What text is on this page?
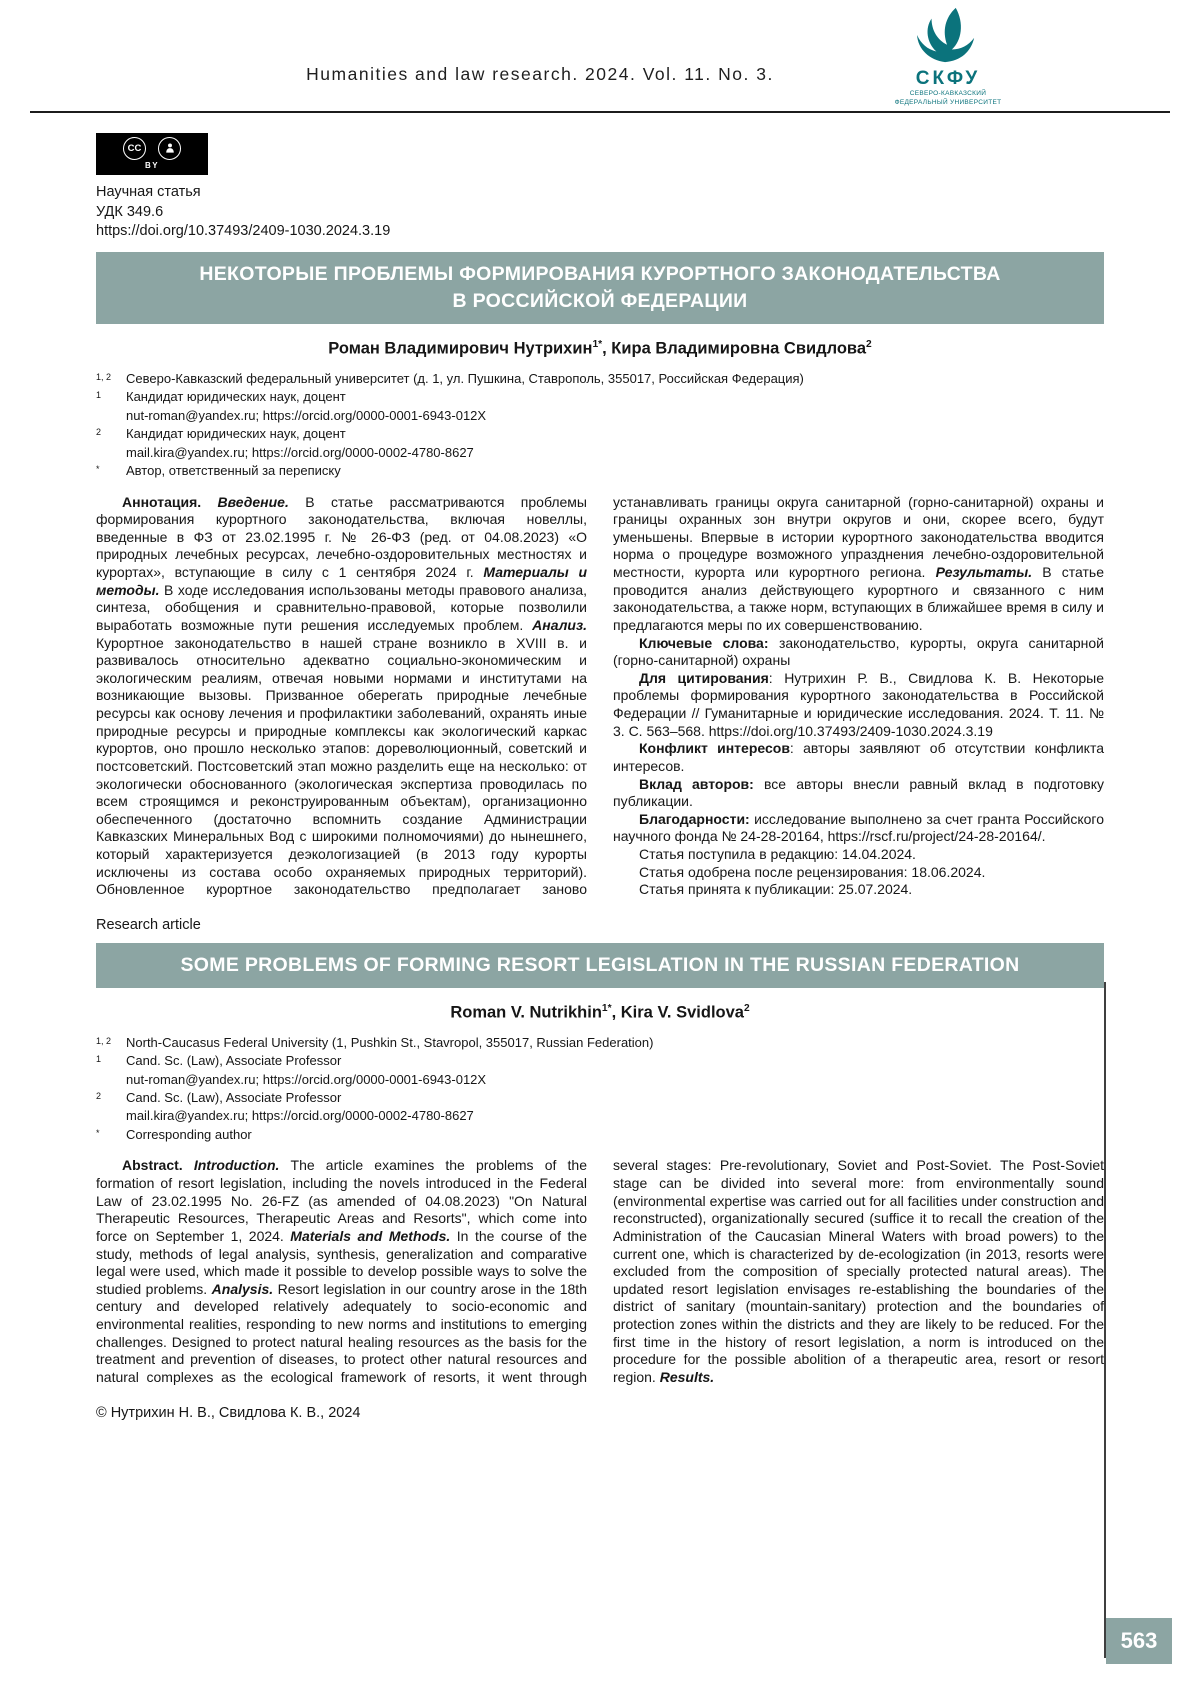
Humanities and law research. 2024. Vol. 11. No. 3.	СКФУ
СЕВЕРО-КАВКАЗСКИЙ
ФЕДЕРАЛЬНЫЙ УНИВЕРСИТЕТ
CC
BY
Научная статья
УДК 349.6
https://doi.org/10.37493/2409-1030.2024.3.19
НЕКОТОРЫЕ ПРОБЛЕМЫ ФОРМИРОВАНИЯ КУРОРТНОГО ЗАКОНОДАТЕЛЬСТВА В РОССИЙСКОЙ ФЕДЕРАЦИИ
Роман Владимирович Нутрихин$^{1*}$, Кира Владимировна Свидлова$^2$
1, 2	Северо-Кавказский федеральный университет (д. 1, ул. Пушкина, Ставрополь, 355017, Российская Федерация)
1	Кандидат юридических наук, доцент
nut-roman@yandex.ru; https://orcid.org/0000-0001-6943-012X
2	Кандидат юридических наук, доцент
mail.kira@yandex.ru; https://orcid.org/0000-0002-4780-8627
*	Автор, ответственный за переписку

Аннотация. Введение. В статье рассматриваются проблемы формирования курортного законодательства, включая новеллы, введенные в ФЗ от 23.02.1995 г. № 26-ФЗ (ред. от 04.08.2023) «О природных лечебных ресурсах, лечебно-оздоровительных местностях и курортах», вступающие в силу с 1 сентября 2024 г. Материалы и методы. В ходе исследования использованы методы правового анализа, синтеза, обобщения и сравнительно-правовой, которые позволили выработать возможные пути решения исследуемых проблем. Анализ. Курортное законодательство в нашей стране возникло в XVIII в. и развивалось относительно адекватно социально-экономическим и экологическим реалиям, отвечая новыми нормами и институтами на возникающие вызовы. Призванное оберегать природные лечебные ресурсы как основу лечения и профилактики заболеваний, охранять иные природные ресурсы и природные комплексы как экологический каркас курортов, оно прошло несколько этапов: дореволюционный, советский и постсоветский. Постсоветский этап можно разделить еще на несколько: от экологически обоснованного (экологическая экспертиза проводилась по всем строящимся и реконструированным объектам), организационно обеспеченного (достаточно вспомнить создание Администрации Кавказских Минеральных Вод с широкими полномочиями) до нынешнего, который характеризуется деэкологизацией (в 2013 году курорты исключены из состава особо охраняемых природных территорий). Обновленное курортное законодательство предполагает заново устанавливать границы округа санитарной (горно-санитарной) охраны и границы охранных зон внутри округов и они, скорее всего, будут уменьшены. Впервые в истории курортного законодательства вводится норма о процедуре возможного упразднения лечебно-оздоровительной местности, курорта или курортного региона. Результаты. В статье проводится анализ действующего курортного и связанного с ним законодательства, а также норм, вступающих в ближайшее время в силу и предлагаются меры по их совершенствованию.

Ключевые слова: законодательство, курорты, округа санитарной (горно-санитарной) охраны

Для цитирования: Нутрихин Р. В., Свидлова К. В. Некоторые проблемы формирования курортного законодательства в Российской Федерации // Гуманитарные и юридические исследования. 2024. Т. 11. № 3. С. 563–568. https://doi.org/10.37493/2409-1030.2024.3.19

Конфликт интересов: авторы заявляют об отсутствии конфликта интересов.

Вклад авторов: все авторы внесли равный вклад в подготовку публикации.

Благодарности: исследование выполнено за счет гранта Российского научного фонда № 24-28-20164, https://rscf.ru/project/24-28-20164/.

Статья поступила в редакцию: 14.04.2024.

Статья одобрена после рецензирования: 18.06.2024.

Статья принята к публикации: 25.07.2024.

Research article
SOME PROBLEMS OF FORMING RESORT LEGISLATION IN THE RUSSIAN FEDERATION
Roman V. Nutrikhin$^{1*}$, Kira V. Svidlova$^2$
1, 2	North-Caucasus Federal University (1, Pushkin St., Stavropol, 355017, Russian Federation)
1	Cand. Sc. (Law), Associate Professor
nut-roman@yandex.ru; https://orcid.org/0000-0001-6943-012X
2	Cand. Sc. (Law), Associate Professor
mail.kira@yandex.ru; https://orcid.org/0000-0002-4780-8627
*	Corresponding author

Abstract. Introduction. The article examines the problems of the formation of resort legislation, including the novels introduced in the Federal Law of 23.02.1995 No. 26-FZ (as amended of 04.08.2023) "On Natural Therapeutic Resources, Therapeutic Areas and Resorts", which come into force on September 1, 2024. Materials and Methods. In the course of the study, methods of legal analysis, synthesis, generalization and comparative legal were used, which made it possible to develop possible ways to solve the studied problems. Analysis. Resort legislation in our country arose in the 18th century and developed relatively adequately to socio-economic and environmental realities, responding to new norms and institutions to emerging challenges. Designed to protect natural healing resources as the basis for the treatment and prevention of diseases, to protect other natural resources and natural complexes as the ecological framework of resorts, it went through several stages: Pre-revolutionary, Soviet and Post-Soviet. The Post-Soviet stage can be divided into several more: from environmentally sound (environmental expertise was carried out for all facilities under construction and reconstructed), organizationally secured (suffice it to recall the creation of the Administration of the Caucasian Mineral Waters with broad powers) to the current one, which is characterized by de-ecologization (in 2013, resorts were excluded from the composition of specially protected natural areas). The updated resort legislation envisages re-establishing the boundaries of the district of sanitary (mountain-sanitary) protection and the boundaries of protection zones within the districts and they are likely to be reduced. For the first time in the history of resort legislation, a norm is introduced on the procedure for the possible abolition of a therapeutic area, resort or resort region. Results.

© Нутрихин Н. В., Свидлова К. В., 2024
563
